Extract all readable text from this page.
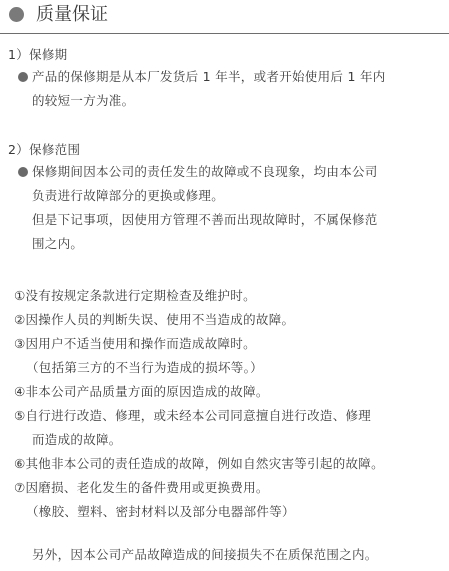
质量保证
1）保修期
产品的保修期是从本厂发货后 1 年半，或者开始使用后 1 年内
的较短一方为准。
2）保修范围
保修期间因本公司的责任发生的故障或不良现象，均由本公司
负责进行故障部分的更换或修理。
但是下记事项，因使用方管理不善而出现故障时，不属保修范
围之内。
①没有按规定条款进行定期检查及维护时。
②因操作人员的判断失误、使用不当造成的故障。
③因用户不适当使用和操作而造成故障时。
（包括第三方的不当行为造成的损坏等。）
④非本公司产品质量方面的原因造成的故障。
⑤自行进行改造、修理，或未经本公司同意擅自进行改造、修理
而造成的故障。
⑥其他非本公司的责任造成的故障，例如自然灾害等引起的故障。
⑦因磨损、老化发生的备件费用或更换费用。
（橡胶、塑料、密封材料以及部分电器部件等）
另外，因本公司产品故障造成的间接损失不在质保范围之内。
